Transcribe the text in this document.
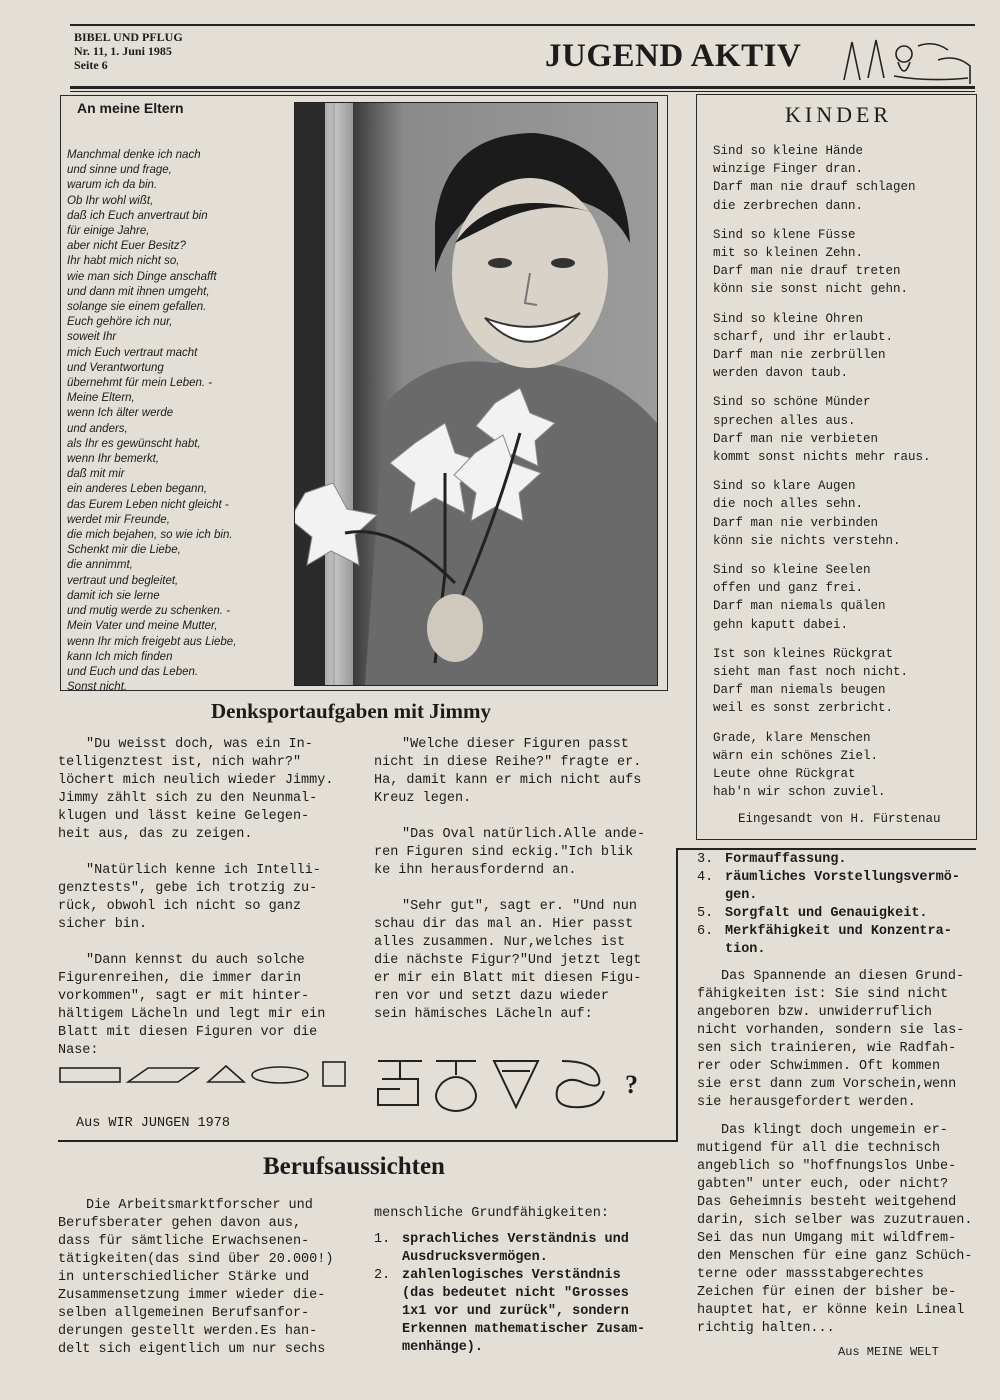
BIBEL UND PFLUG
Nr. 11, 1. Juni 1985
Seite 6	JUGEND AKTIV
An meine Eltern
Manchmal denke ich nach
und sinne und frage,
warum ich da bin.
Ob Ihr wohl wißt,
daß ich Euch anvertraut bin
für einige Jahre,
aber nicht Euer Besitz?
Ihr habt mich nicht so,
wie man sich Dinge anschafft
und dann mit ihnen umgeht,
solange sie einem gefallen.
Euch gehöre ich nur,
soweit Ihr
mich Euch vertraut macht
und Verantwortung
übernehmt für mein Leben. -
Meine Eltern,
wenn Ich älter werde
und anders,
als Ihr es gewünscht habt,
wenn Ihr bemerkt,
daß mit mir
ein anderes Leben begann,
das Eurem Leben nicht gleicht -
werdet mir Freunde,
die mich bejahen, so wie ich bin.
Schenkt mir die Liebe,
die annimmt,
vertraut und begleitet,
damit ich sie lerne
und mutig werde zu schenken. -
Mein Vater und meine Mutter,
wenn Ihr mich freigebt aus Liebe,
kann Ich mich finden
und Euch und das Leben.
Sonst nicht.
KINDER
Sind so kleine Hände
winzige Finger dran.
Darf man nie drauf schlagen
die zerbrechen dann.
Sind so klene Füsse
mit so kleinen Zehn.
Darf man nie drauf treten
könn sie sonst nicht gehn.
Sind so kleine Ohren
scharf, und ihr erlaubt.
Darf man nie zerbrüllen
werden davon taub.
Sind so schöne Münder
sprechen alles aus.
Darf man nie verbieten
kommt sonst nichts mehr raus.
Sind so klare Augen
die noch alles sehn.
Darf man nie verbinden
könn sie nichts verstehn.
Sind so kleine Seelen
offen und ganz frei.
Darf man niemals quälen
gehn kaputt dabei.
Ist son kleines Rückgrat
sieht man fast noch nicht.
Darf man niemals beugen
weil es sonst zerbricht.
Grade, klare Menschen
wärn ein schönes Ziel.
Leute ohne Rückgrat
hab'n wir schon zuviel.
Eingesandt von H. Fürstenau
Denksportaufgaben mit Jimmy
"Du weisst doch, was ein In-
telligenztest ist, nich wahr?"
löchert mich neulich wieder Jimmy.
Jimmy zählt sich zu den Neunmal-
klugen und lässt keine Gelegen-
heit aus, das zu zeigen.
"Natürlich kenne ich Intelli-
genztests", gebe ich trotzig zu-
rück, obwohl ich nicht so ganz
sicher bin.
"Dann kennst du auch solche
Figurenreihen, die immer darin
vorkommen", sagt er mit hinter-
hältigem Lächeln und legt mir ein
Blatt mit diesen Figuren vor die
Nase:
"Welche dieser Figuren passt
nicht in diese Reihe?" fragte er.
Ha, damit kann er mich nicht aufs
Kreuz legen.
"Das Oval natürlich.Alle ande-
ren Figuren sind eckig."Ich blik
ke ihn herausfordernd an.
"Sehr gut", sagt er. "Und nun
schau dir das mal an. Hier passt
alles zusammen. Nur,welches ist
die nächste Figur?"Und jetzt legt
er mir ein Blatt mit diesen Figu-
ren vor und setzt dazu wieder
sein hämisches Lächeln auf:
?
Aus WIR JUNGEN 1978
Berufsaussichten
Die Arbeitsmarktforscher und
Berufsberater gehen davon aus,
dass für sämtliche Erwachsenen-
tätigkeiten(das sind über 20.000!)
in unterschiedlicher Stärke und
Zusammensetzung immer wieder die-
selben allgemeinen Berufsanfor-
derungen gestellt werden.Es han-
delt sich eigentlich um nur sechs
menschliche Grundfähigkeiten:
1. sprachliches Verständnis und
Ausdrucksvermögen.
2. zahlenlogisches Verständnis
(das bedeutet nicht "Grosses
1x1 vor und zurück", sondern
Erkennen mathematischer Zusam-
menhänge).
3. Formauffassung.
4. räumliches Vorstellungsvermö-
gen.
5. Sorgfalt und Genauigkeit.
6. Merkfähigkeit und Konzentra-
tion.
Das Spannende an diesen Grund-
fähigkeiten ist: Sie sind nicht
angeboren bzw. unwiderruflich
nicht vorhanden, sondern sie las-
sen sich trainieren, wie Radfah-
rer oder Schwimmen. Oft kommen
sie erst dann zum Vorschein,wenn
sie herausgefordert werden.
Das klingt doch ungemein er-
mutigend für all die technisch
angeblich so "hoffnungslos Unbe-
gabten" unter euch, oder nicht?
Das Geheimnis besteht weitgehend
darin, sich selber was zuzutrauen.
Sei das nun Umgang mit wildfrem-
den Menschen für eine ganz Schüch-
terne oder massstabgerechtes
Zeichen für einen der bisher be-
hauptet hat, er könne kein Lineal
richtig halten...
Aus MEINE WELT
